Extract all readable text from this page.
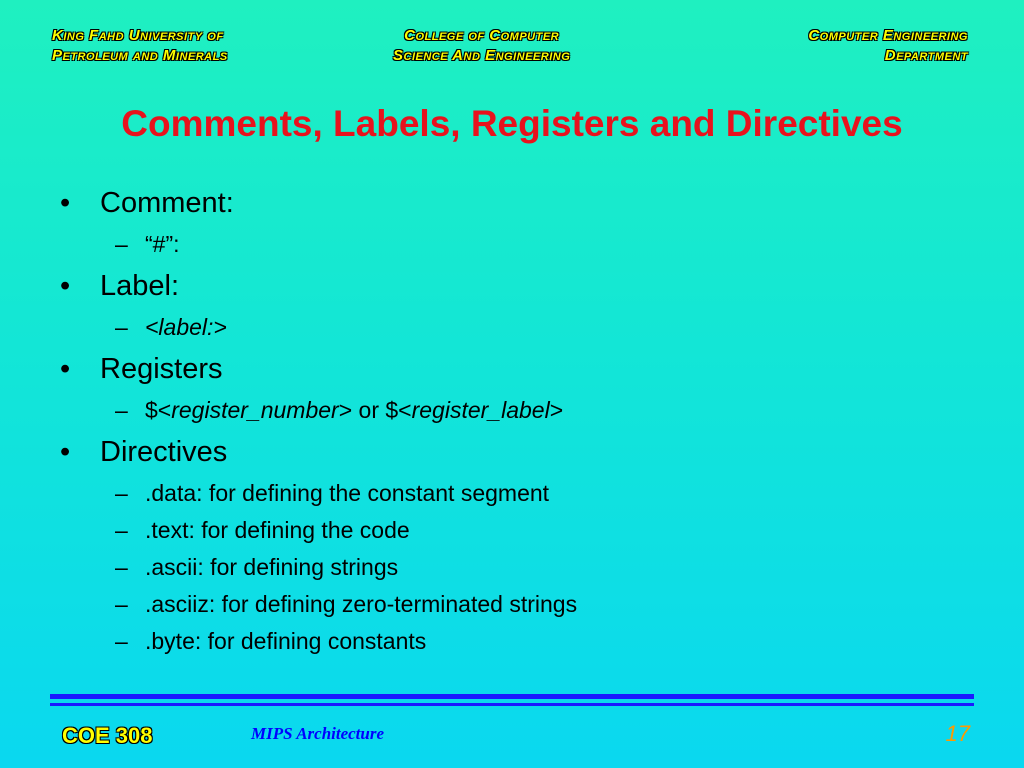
King Fahd University of
Petroleum and Minerals
College of Computer
Science And Engineering
Computer Engineering
Department
Comments, Labels, Registers and Directives
• Comment:
– “#”:
• Label:
– <label:>
• Registers
– $<register_number> or $<register_label>
• Directives
– .data: for defining the constant segment
– .text: for defining the code
– .ascii: for defining strings
– .asciiz: for defining zero-terminated strings
– .byte: for defining constants
COE 308	MIPS Architecture	17
